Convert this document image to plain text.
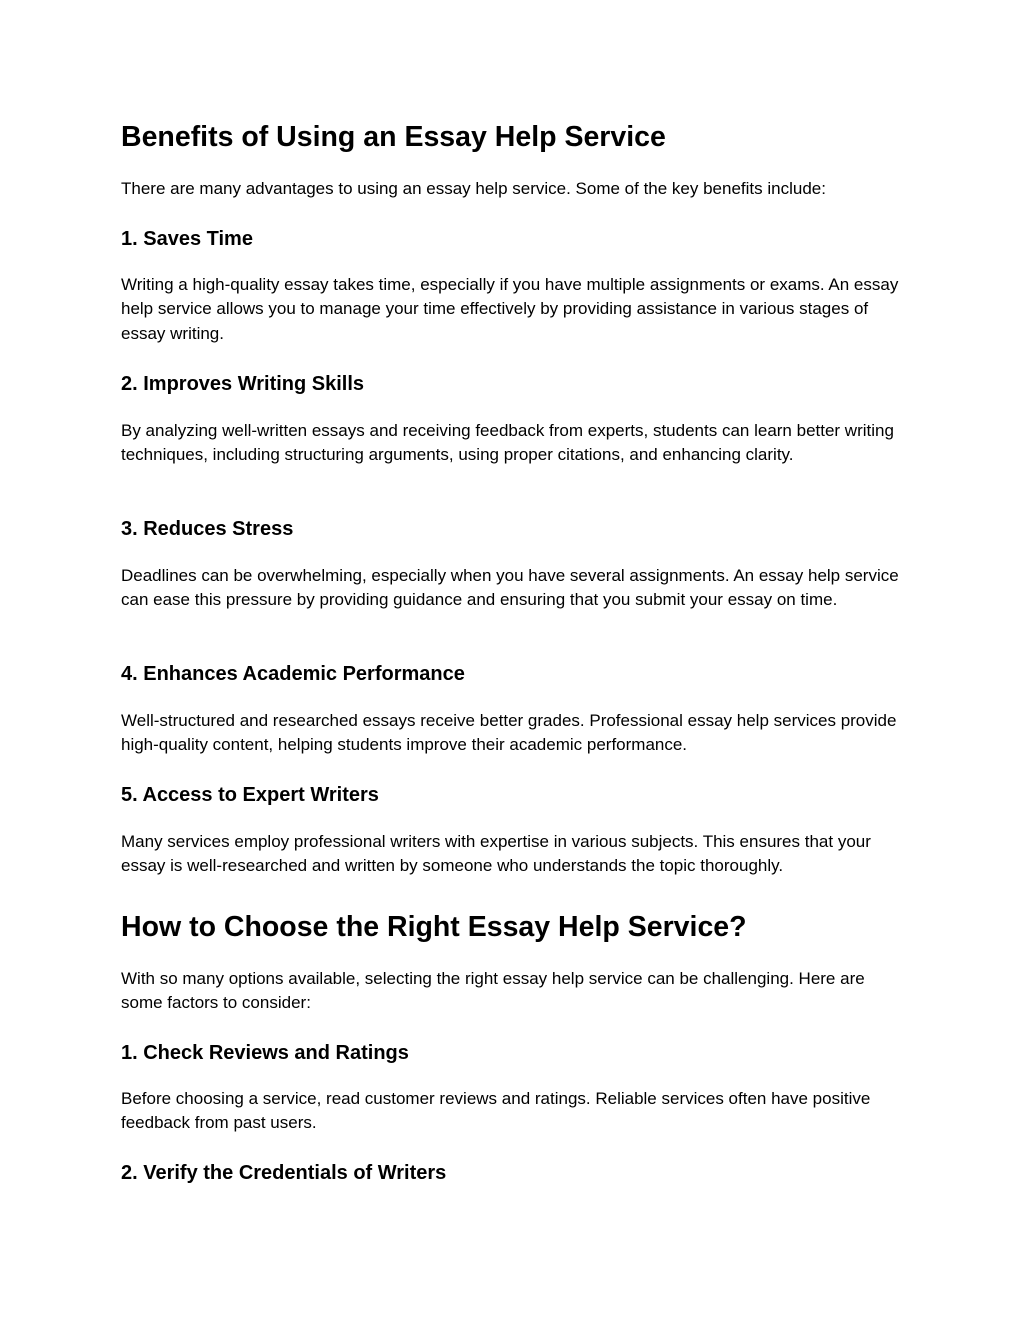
Benefits of Using an Essay Help Service

There are many advantages to using an essay help service. Some of the key benefits include:

1. Saves Time

Writing a high-quality essay takes time, especially if you have multiple assignments or exams. An essay help service allows you to manage your time effectively by providing assistance in various stages of essay writing.

2. Improves Writing Skills

By analyzing well-written essays and receiving feedback from experts, students can learn better writing techniques, including structuring arguments, using proper citations, and enhancing clarity.

3. Reduces Stress

Deadlines can be overwhelming, especially when you have several assignments. An essay help service can ease this pressure by providing guidance and ensuring that you submit your essay on time.

4. Enhances Academic Performance

Well-structured and researched essays receive better grades. Professional essay help services provide high-quality content, helping students improve their academic performance.

5. Access to Expert Writers

Many services employ professional writers with expertise in various subjects. This ensures that your essay is well-researched and written by someone who understands the topic thoroughly.

How to Choose the Right Essay Help Service?

With so many options available, selecting the right essay help service can be challenging. Here are some factors to consider:

1. Check Reviews and Ratings

Before choosing a service, read customer reviews and ratings. Reliable services often have positive feedback from past users.

2. Verify the Credentials of Writers
